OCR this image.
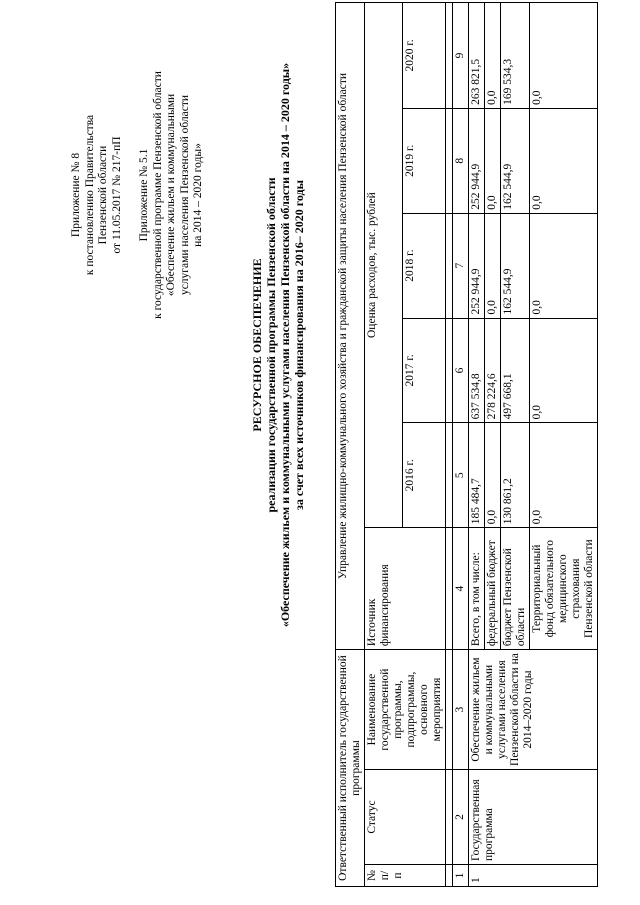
Приложение № 8 к постановлению Правительства Пензенской области от 11.05.2017 № 217-пП Приложение № 5.1 к государственной программе Пензенской области «Обеспечение жильем и коммунальными услугами населения Пензенской области на 2014 – 2020 годы»
РЕСУРСНОЕ ОБЕСПЕЧЕНИЕ реализации государственной программы Пензенской области «Обеспечение жильем и коммунальными услугами населения Пензенской области на 2014 – 2020 годы» за счет всех источников финансирования на 2016– 2020 годы
Ответственный исполнитель государственной программы			Управление жилищно-коммунального хозяйства и гражданской защиты населения Пензенской области					
№ п/п	Статус	Наименование государственной программы, подпрограммы, основного мероприятия	Источник финансирования	Оценка расходов, тыс. рублей				
				2016 г.	2017 г.	2018 г.	2019 г.	2020 г.

1	2	3	4	5	6	7	8	9
1	Государственная программа	Обеспечение жильем и коммунальными услугами населения Пензенской области на 2014–2020 годы	Всего, в том числе:	185 484,7	637 534,8	252 944,9	252 944,9	263 821,5
			федеральный бюджет	0,0	278 224,6	0,0	0,0	0,0
			бюджет Пензенской области	130 861,2	497 668,1	162 544,9	162 544,9	169 534,3
			Территориальный фонд обязательного медицинского страхования Пензенской области	0,0	0,0	0,0	0,0	0,0
